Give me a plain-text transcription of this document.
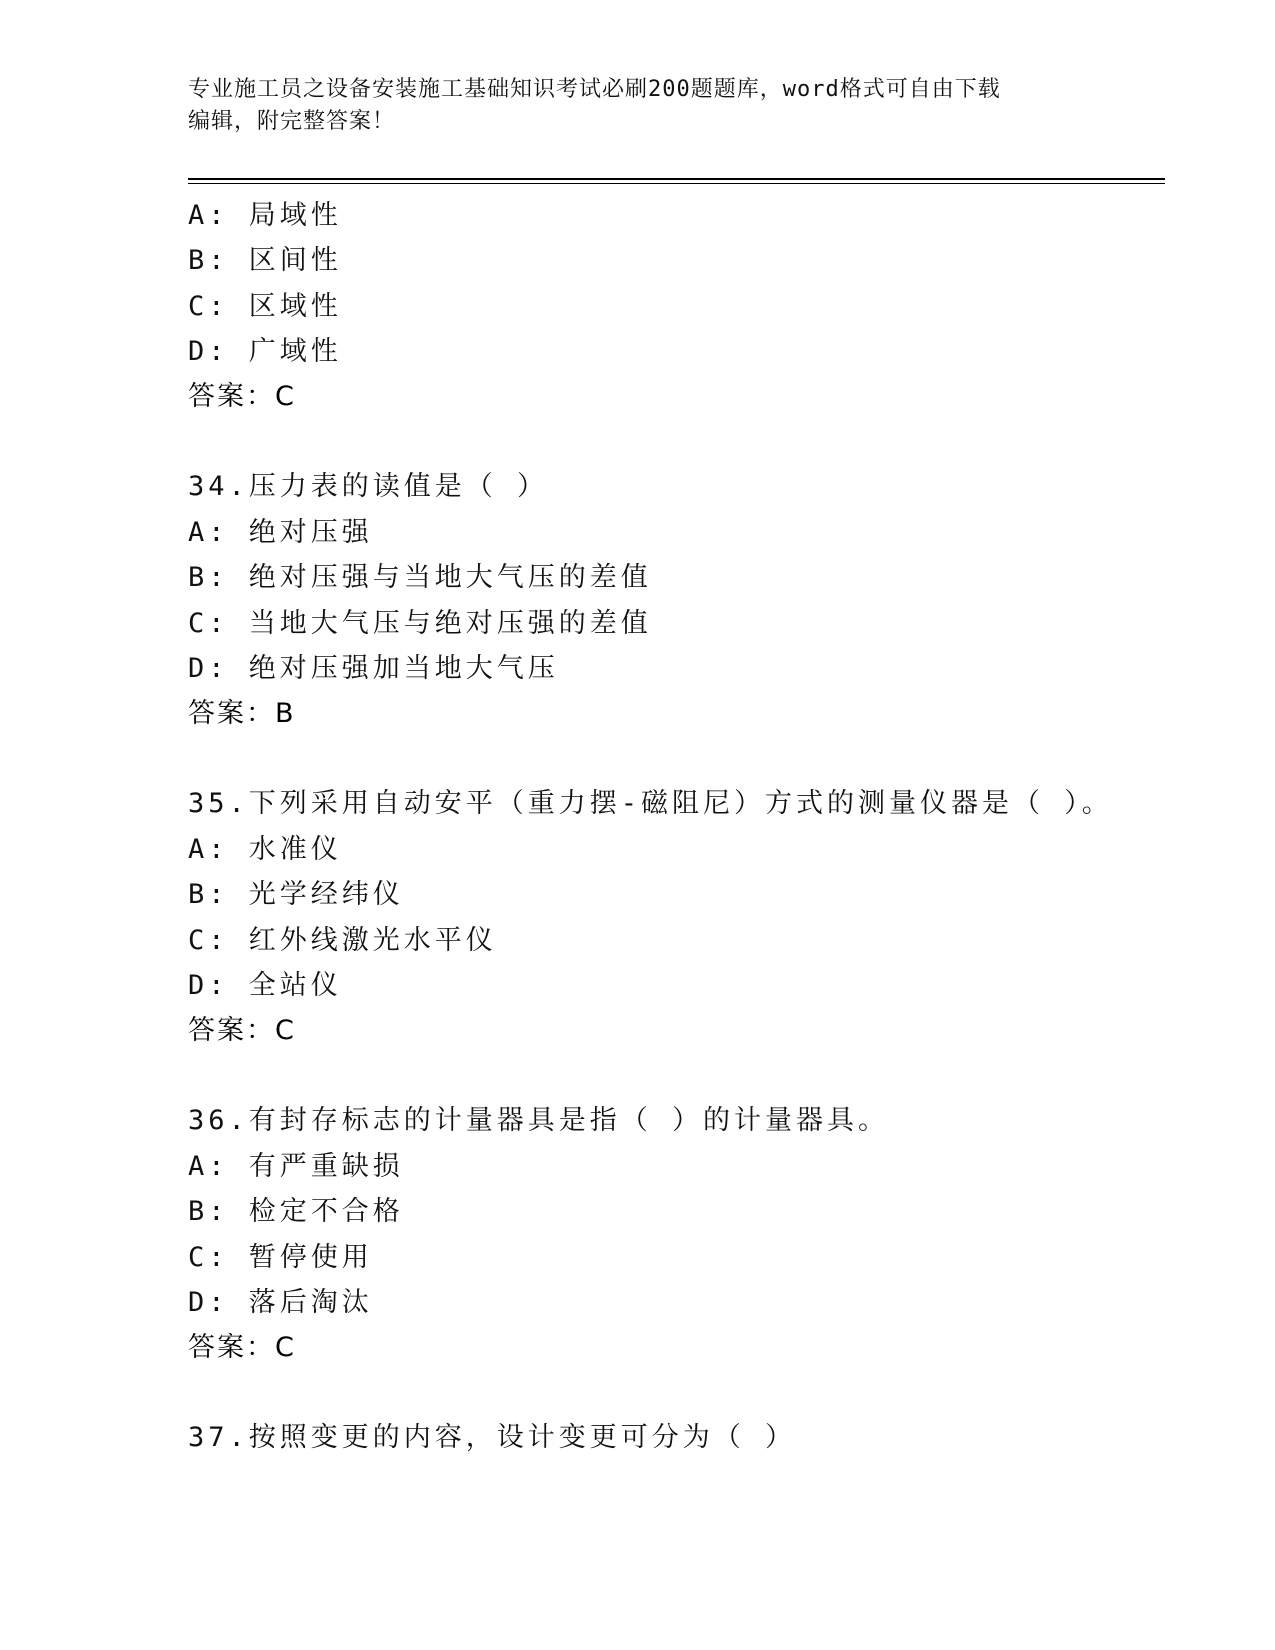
专业施工员之设备安装施工基础知识考试必刷200题题库，word格式可自由下载
编辑，附完整答案！
A: 局域性
B: 区间性
C: 区域性
D: 广域性
答案：C
34.压力表的读值是（ ）
A: 绝对压强
B: 绝对压强与当地大气压的差值
C: 当地大气压与绝对压强的差值
D: 绝对压强加当地大气压
答案：B
35.下列采用自动安平（重力摆-磁阻尼）方式的测量仪器是（ ）。
A: 水准仪
B: 光学经纬仪
C: 红外线激光水平仪
D: 全站仪
答案：C
36.有封存标志的计量器具是指（ ）的计量器具。
A: 有严重缺损
B: 检定不合格
C: 暂停使用
D: 落后淘汰
答案：C
37.按照变更的内容，设计变更可分为（ ）
